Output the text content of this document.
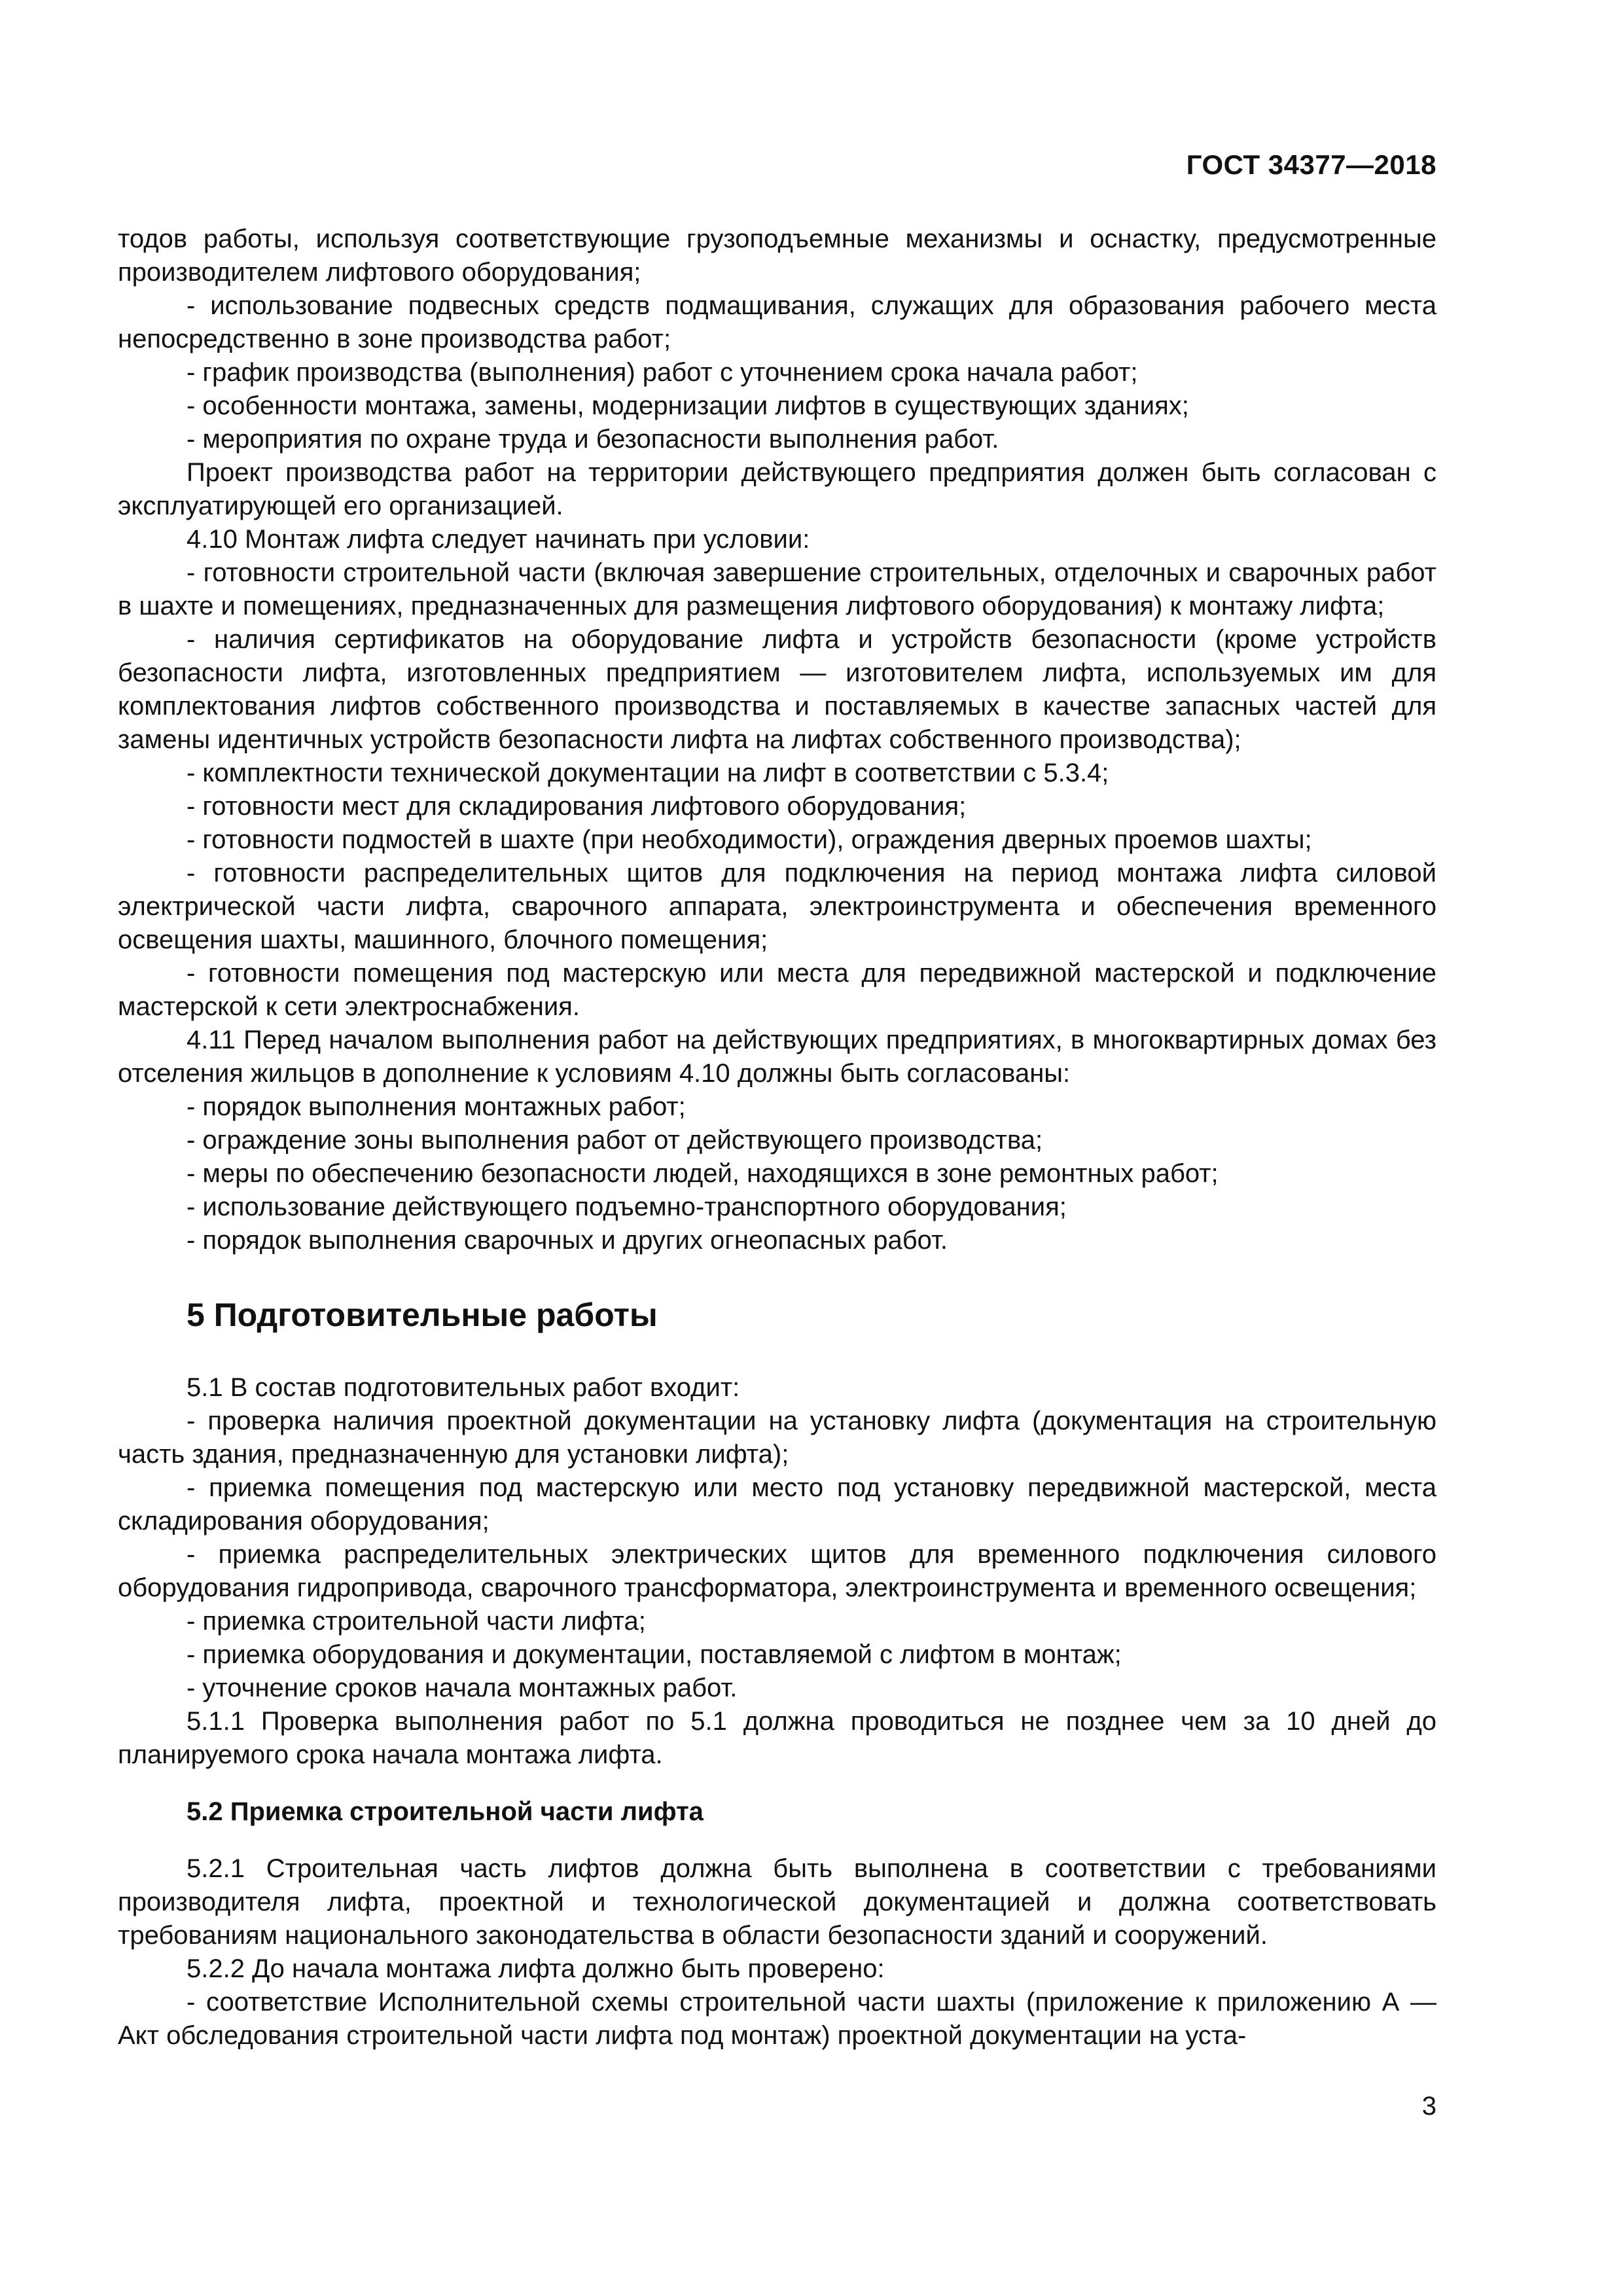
ГОСТ 34377—2018

тодов работы, используя соответствующие грузоподъемные механизмы и оснастку, предусмотренные производителем лифтового оборудования;

- использование подвесных средств подмащивания, служащих для образования рабочего места непосредственно в зоне производства работ;

- график производства (выполнения) работ с уточнением срока начала работ;

- особенности монтажа, замены, модернизации лифтов в существующих зданиях;

- мероприятия по охране труда и безопасности выполнения работ.

Проект производства работ на территории действующего предприятия должен быть согласован с эксплуатирующей его организацией.

4.10 Монтаж лифта следует начинать при условии:

- готовности строительной части (включая завершение строительных, отделочных и сварочных работ в шахте и помещениях, предназначенных для размещения лифтового оборудования) к монтажу лифта;

- наличия сертификатов на оборудование лифта и устройств безопасности (кроме устройств безопасности лифта, изготовленных предприятием — изготовителем лифта, используемых им для комплектования лифтов собственного производства и поставляемых в качестве запасных частей для замены идентичных устройств безопасности лифта на лифтах собственного производства);

- комплектности технической документации на лифт в соответствии с 5.3.4;

- готовности мест для складирования лифтового оборудования;

- готовности подмостей в шахте (при необходимости), ограждения дверных проемов шахты;

- готовности распределительных щитов для подключения на период монтажа лифта силовой электрической части лифта, сварочного аппарата, электроинструмента и обеспечения временного освещения шахты, машинного, блочного помещения;

- готовности помещения под мастерскую или места для передвижной мастерской и подключение мастерской к сети электроснабжения.

4.11 Перед началом выполнения работ на действующих предприятиях, в многоквартирных домах без отселения жильцов в дополнение к условиям 4.10 должны быть согласованы:

- порядок выполнения монтажных работ;

- ограждение зоны выполнения работ от действующего производства;

- меры по обеспечению безопасности людей, находящихся в зоне ремонтных работ;

- использование действующего подъемно-транспортного оборудования;

- порядок выполнения сварочных и других огнеопасных работ.

5 Подготовительные работы

5.1 В состав подготовительных работ входит:

- проверка наличия проектной документации на установку лифта (документация на строительную часть здания, предназначенную для установки лифта);

- приемка помещения под мастерскую или место под установку передвижной мастерской, места складирования оборудования;

- приемка распределительных электрических щитов для временного подключения силового оборудования гидропривода, сварочного трансформатора, электроинструмента и временного освещения;

- приемка строительной части лифта;

- приемка оборудования и документации, поставляемой с лифтом в монтаж;

- уточнение сроков начала монтажных работ.

5.1.1 Проверка выполнения работ по 5.1 должна проводиться не позднее чем за 10 дней до планируемого срока начала монтажа лифта.

5.2 Приемка строительной части лифта

5.2.1 Строительная часть лифтов должна быть выполнена в соответствии с требованиями производителя лифта, проектной и технологической документацией и должна соответствовать требованиям национального законодательства в области безопасности зданий и сооружений.

5.2.2 До начала монтажа лифта должно быть проверено:

- соответствие Исполнительной схемы строительной части шахты (приложение к приложению А — Акт обследования строительной части лифта под монтаж) проектной документации на уста-

3
